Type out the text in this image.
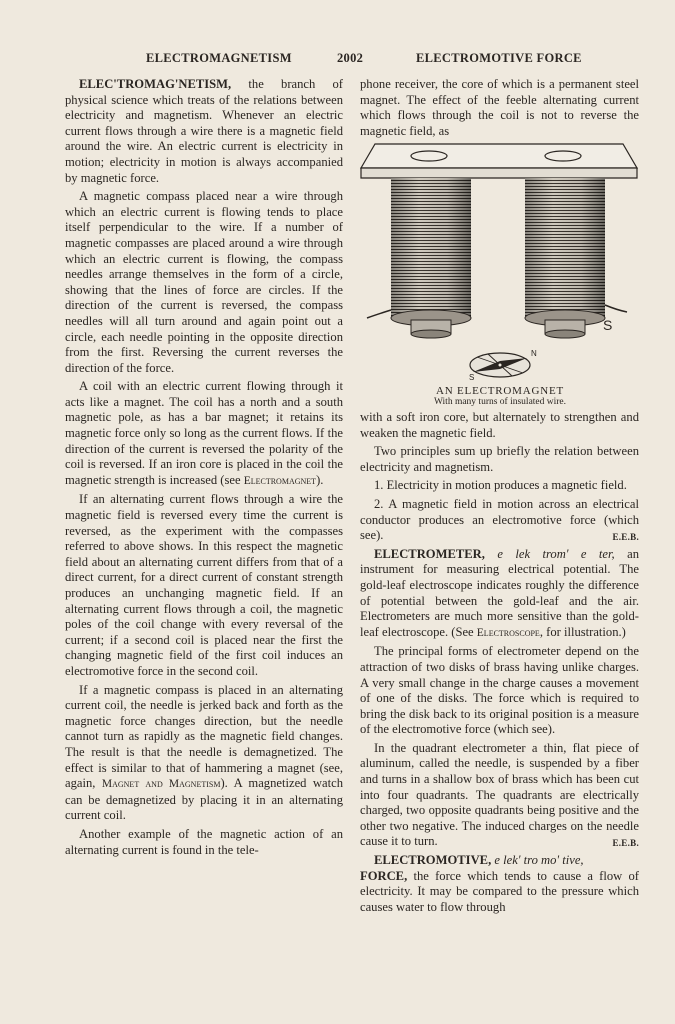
ELECTROMAGNETISM	2002	ELECTROMOTIVE FORCE

ELEC'TROMAG'NETISM, the branch of physical science which treats of the relations between electricity and magnetism. Whenever an electric current flows through a wire there is a magnetic field around the wire. An electric current is electricity in motion; electricity in motion is always accompanied by magnetic force.

A magnetic compass placed near a wire through which an electric current is flowing tends to place itself perpendicular to the wire. If a number of magnetic compasses are placed around a wire through which an electric current is flowing, the compass needles arrange themselves in the form of a circle, showing that the lines of force are circles. If the direction of the current is reversed, the compass needles will all turn around and again point out a circle, each needle pointing in the opposite direction from the first. Reversing the current reverses the direction of the force.

A coil with an electric current flowing through it acts like a magnet. The coil has a north and a south magnetic pole, as has a bar magnet; it retains its magnetic force only so long as the current flows. If the direction of the current is reversed the polarity of the coil is reversed. If an iron core is placed in the coil the magnetic strength is increased (see Electromagnet).

If an alternating current flows through a wire the magnetic field is reversed every time the current is reversed, as the experiment with the compasses referred to above shows. In this respect the magnetic field about an alternating current differs from that of a direct current, for a direct current of constant strength produces an unchanging magnetic field. If an alternating current flows through a coil, the magnetic poles of the coil change with every reversal of the current; if a second coil is placed near the first the changing magnetic field of the first coil induces an electromotive force in the second coil.

If a magnetic compass is placed in an alternating current coil, the needle is jerked back and forth as the magnetic force changes direction, but the needle cannot turn as rapidly as the magnetic field changes. The result is that the needle is demagnetized. The effect is similar to that of hammering a magnet (see, again, Magnet and Magnetism). A magnetized watch can be demagnetized by placing it in an alternating current coil.

Another example of the magnetic action of an alternating current is found in the tele-

phone receiver, the core of which is a permanent steel magnet. The effect of the feeble alternating current which flows through the coil is not to reverse the magnetic field, as

S
N
S
AN ELECTROMAGNET
With many turns of insulated wire.

with a soft iron core, but alternately to strengthen and weaken the magnetic field.

Two principles sum up briefly the relation between electricity and magnetism.

1. Electricity in motion produces a magnetic field.

2. A magnetic field in motion across an electrical conductor produces an electromotive force (which see).	E.E.B.

ELECTROMETER, e lek trom' e ter, an instrument for measuring electrical potential. The gold-leaf electroscope indicates roughly the difference of potential between the gold-leaf and the air. Electrometers are much more sensitive than the gold-leaf electroscope. (See Electroscope, for illustration.)

The principal forms of electrometer depend on the attraction of two disks of brass having unlike charges. A very small change in the charge causes a movement of one of the disks. The force which is required to bring the disk back to its original position is a measure of the electromotive force (which see).

In the quadrant electrometer a thin, flat piece of aluminum, called the needle, is suspended by a fiber and turns in a shallow box of brass which has been cut into four quadrants. The quadrants are electrically charged, two opposite quadrants being positive and the other two negative. The induced charges on the needle cause it to turn.	E.E.B.

ELECTROMOTIVE, e lek' tro mo' tive,
FORCE, the force which tends to cause a flow of electricity. It may be compared to the pressure which causes water to flow through
